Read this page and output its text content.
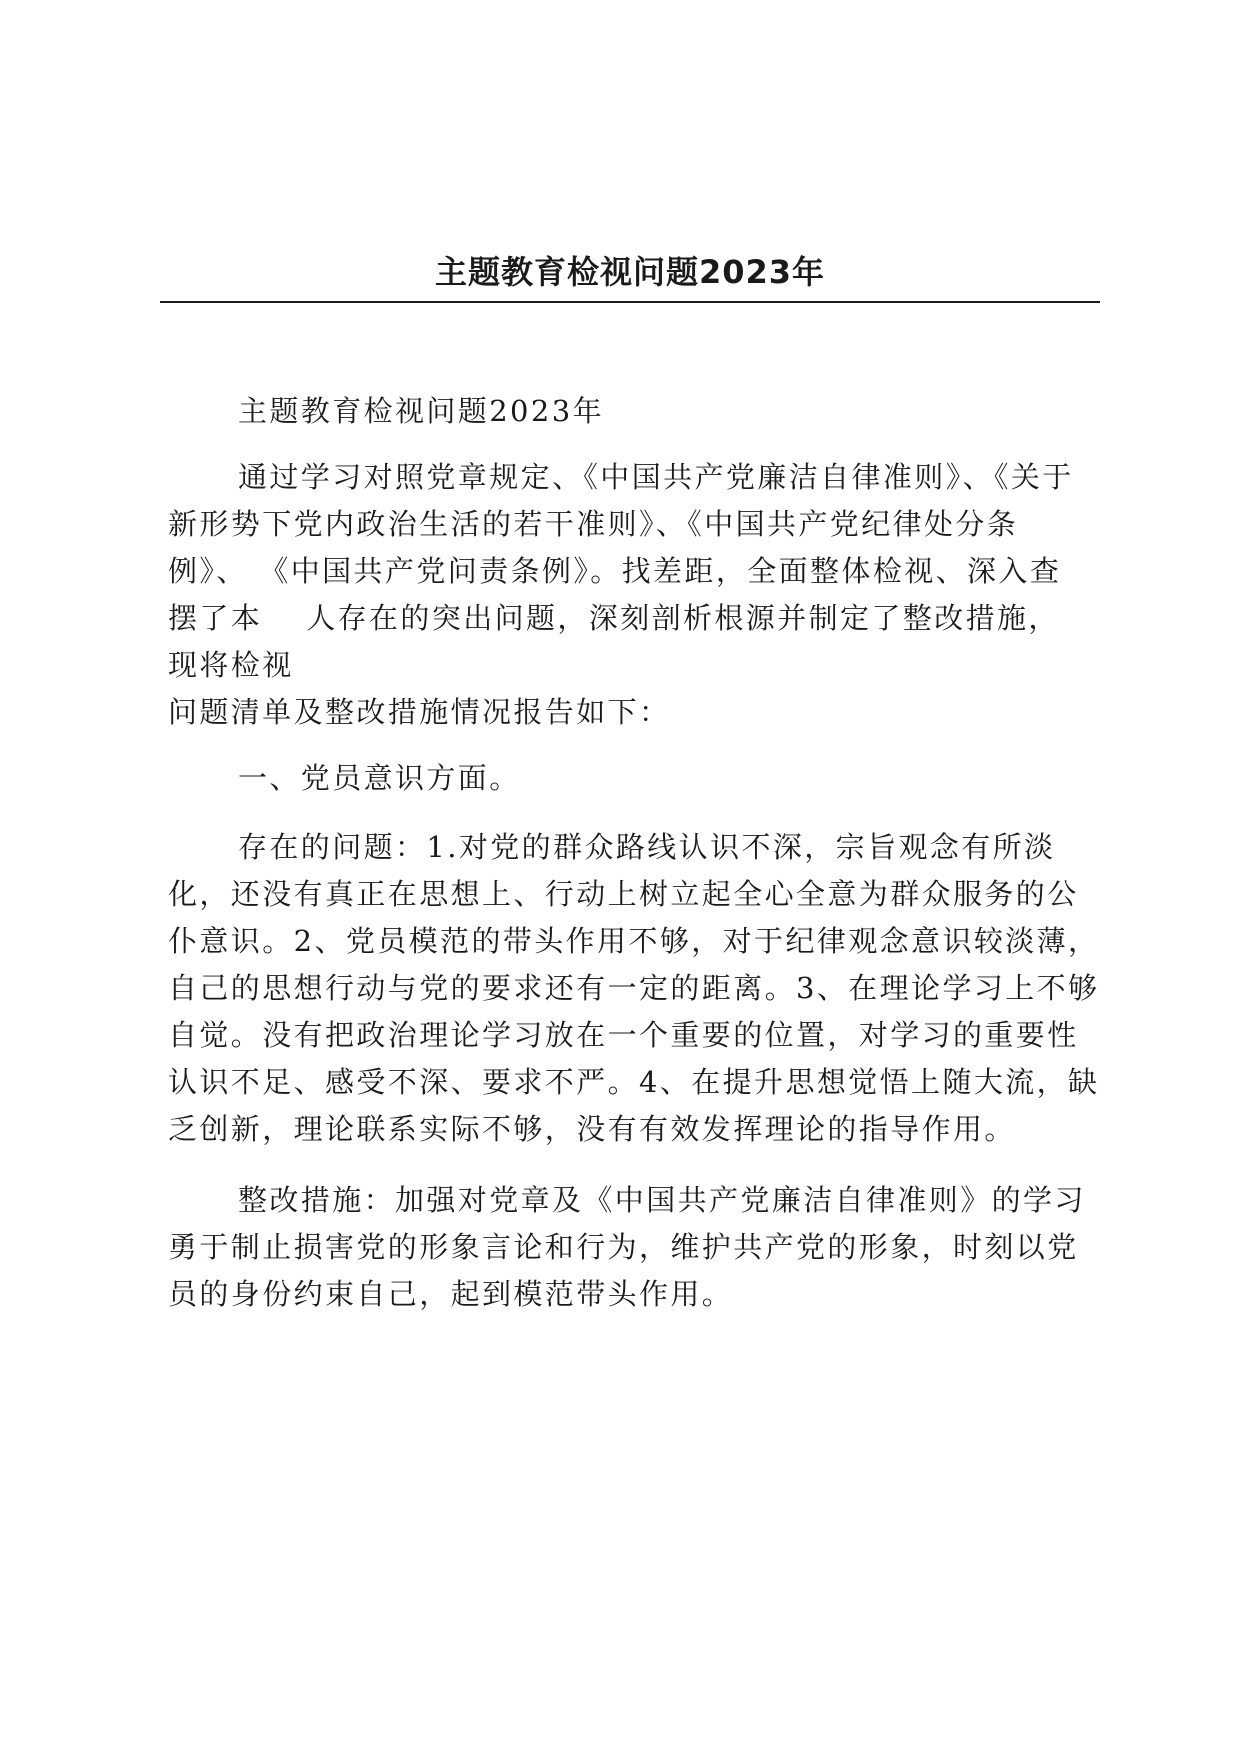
主题教育检视问题2023年

主题教育检视问题2023年

通过学习对照党章规定、《中国共产党廉洁自律准则》、《关于
新形势下党内政治生活的若干准则》、《中国共产党纪律处分条
例》、 《中国共产党问责条例》。找差距，全面整体检视、深入查
摆了本 人存在的突出问题，深刻剖析根源并制定了整改措施，
现将检视
问题清单及整改措施情况报告如下：

一、党员意识方面。

存在的问题：1.对党的群众路线认识不深，宗旨观念有所淡化，还没有真正在思想上、行动上树立起全心全意为群众服务的公仆意识。2、党员模范的带头作用不够，对于纪律观念意识较淡薄，自己的思想行动与党的要求还有一定的距离。3、在理论学习上不够自觉。没有把政治理论学习放在一个重要的位置，对学习的重要性认识不足、感受不深、要求不严。4、在提升思想觉悟上随大流，缺乏创新，理论联系实际不够，没有有效发挥理论的指导作用。

整改措施：加强对党章及《中国共产党廉洁自律准则》的学习勇于制止损害党的形象言论和行为，维护共产党的形象，时刻以党员的身份约束自己，起到模范带头作用。
